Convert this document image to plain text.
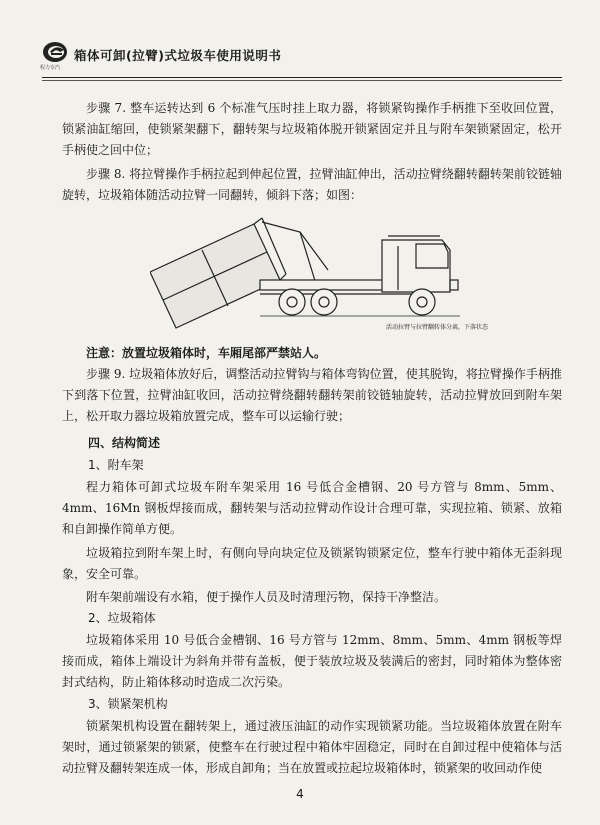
程力专汽
箱体可卸(拉臂)式垃圾车使用说明书
步骤 7. 整车运转达到 6 个标准气压时挂上取力器，将锁紧钩操作手柄推下至收回位置，锁紧油缸缩回，使锁紧架翻下，翻转架与垃圾箱体脱开锁紧固定并且与附车架锁紧固定，松开手柄使之回中位；
步骤 8. 将拉臂操作手柄拉起到伸起位置，拉臂油缸伸出，活动拉臂绕翻转翻转架前铰链轴旋转，垃圾箱体随活动拉臂一同翻转，倾斜下落；如图：
活动拉臂与拉臂翻转体分离，下落状态
注意：放置垃圾箱体时，车厢尾部严禁站人。
步骤 9. 垃圾箱体放好后，调整活动拉臂钩与箱体弯钩位置，使其脱钩，将拉臂操作手柄推下到落下位置，拉臂油缸收回，活动拉臂绕翻转翻转架前铰链轴旋转，活动拉臂放回到附车架上，松开取力器垃圾箱放置完成，整车可以运输行驶；
四、结构简述
1、附车架
程力箱体可卸式垃圾车附车架采用 16 号低合金槽钢、20 号方管与 8mm、5mm、4mm、16Mn 钢板焊接而成，翻转架与活动拉臂动作设计合理可靠，实现拉箱、锁紧、放箱和自卸操作简单方便。
垃圾箱拉到附车架上时，有侧向导向块定位及锁紧钩锁紧定位，整车行驶中箱体无歪斜现象，安全可靠。
附车架前端设有水箱，便于操作人员及时清理污物，保持干净整洁。
2、垃圾箱体
垃圾箱体采用 10 号低合金槽钢、16 号方管与 12mm、8mm、5mm、4mm 钢板等焊接而成，箱体上端设计为斜角并带有盖板，便于装放垃圾及装满后的密封，同时箱体为整体密封式结构，防止箱体移动时造成二次污染。
3、锁紧架机构
锁紧架机构设置在翻转架上，通过液压油缸的动作实现锁紧功能。当垃圾箱体放置在附车架时，通过锁紧架的锁紧，使整车在行驶过程中箱体牢固稳定，同时在自卸过程中使箱体与活动拉臂及翻转架连成一体，形成自卸角；当在放置或拉起垃圾箱体时，锁紧架的收回动作使
4
